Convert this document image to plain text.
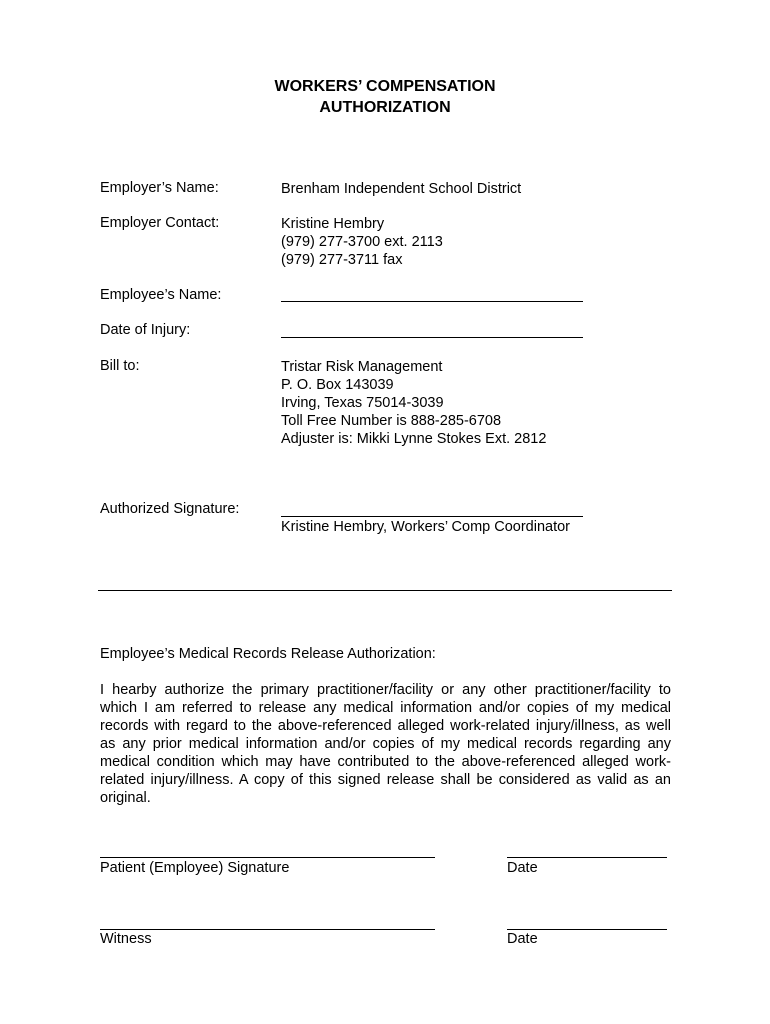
WORKERS’ COMPENSATION
AUTHORIZATION
Employer’s Name:	Brenham Independent School District
Employer Contact:	Kristine Hembry
(979) 277-3700 ext. 2113
(979) 277-3711 fax
Employee’s Name:
Date of Injury:
Bill to:	Tristar Risk Management
P. O. Box 143039
Irving, Texas 75014-3039
Toll Free Number is 888-285-6708
Adjuster is: Mikki Lynne Stokes Ext. 2812
Authorized Signature:
Kristine Hembry, Workers’ Comp Coordinator
Employee’s Medical Records Release Authorization:
I hearby authorize the primary practitioner/facility or any other practitioner/facility to which I am referred to release any medical information and/or copies of my medical records with regard to the above-referenced alleged work-related injury/illness, as well as any prior medical information and/or copies of my medical records regarding any medical condition which may have contributed to the above-referenced alleged work-related injury/illness. A copy of this signed release shall be considered as valid as an original.
Patient (Employee) Signature	Date
Witness	Date
